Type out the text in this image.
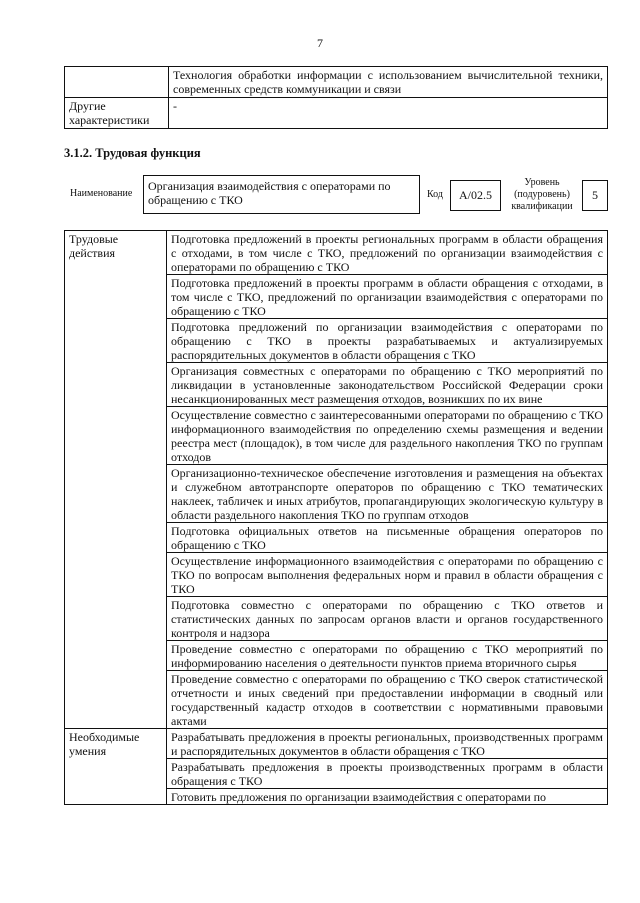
7
	Технология обработки информации с использованием вычислительной техники, современных средств коммуникации и связи
Другие характеристики	-
3.1.2. Трудовая функция
Наименование
Организация взаимодействия с операторами по обращению с ТКО	Код	А/02.5
Уровень (подуровень) квалификации
5
Трудовые действия	Подготовка предложений в проекты региональных программ в области обращения с отходами, в том числе с ТКО, предложений по организации взаимодействия с операторами по обращению с ТКО
	Подготовка предложений в проекты программ в области обращения с отходами, в том числе с ТКО, предложений по организации взаимодействия с операторами по обращению с ТКО
	Подготовка предложений по организации взаимодействия с операторами по обращению с ТКО в проекты разрабатываемых и актуализируемых распорядительных документов в области обращения с ТКО
	Организация совместных с операторами по обращению с ТКО мероприятий по ликвидации в установленные законодательством Российской Федерации сроки несанкционированных мест размещения отходов, возникших по их вине
	Осуществление совместно с заинтересованными операторами по обращению с ТКО информационного взаимодействия по определению схемы размещения и ведении реестра мест (площадок), в том числе для раздельного накопления ТКО по группам отходов
	Организационно-техническое обеспечение изготовления и размещения на объектах и служебном автотранспорте операторов по обращению с ТКО тематических наклеек, табличек и иных атрибутов, пропагандирующих экологическую культуру в области раздельного накопления ТКО по группам отходов
	Подготовка официальных ответов на письменные обращения операторов по обращению с ТКО
	Осуществление информационного взаимодействия с операторами по обращению с ТКО по вопросам выполнения федеральных норм и правил в области обращения с ТКО
	Подготовка совместно с операторами по обращению с ТКО ответов и статистических данных по запросам органов власти и органов государственного контроля и надзора
	Проведение совместно с операторами по обращению с ТКО мероприятий по информированию населения о деятельности пунктов приема вторичного сырья
	Проведение совместно с операторами по обращению с ТКО сверок статистической отчетности и иных сведений при предоставлении информации в сводный или государственный кадастр отходов в соответствии с нормативными правовыми актами
Необходимые умения	Разрабатывать предложения в проекты региональных, производственных программ и распорядительных документов в области обращения с ТКО
	Разрабатывать предложения в проекты производственных программ в области обращения с ТКО
	Готовить предложения по организации взаимодействия с операторами по
